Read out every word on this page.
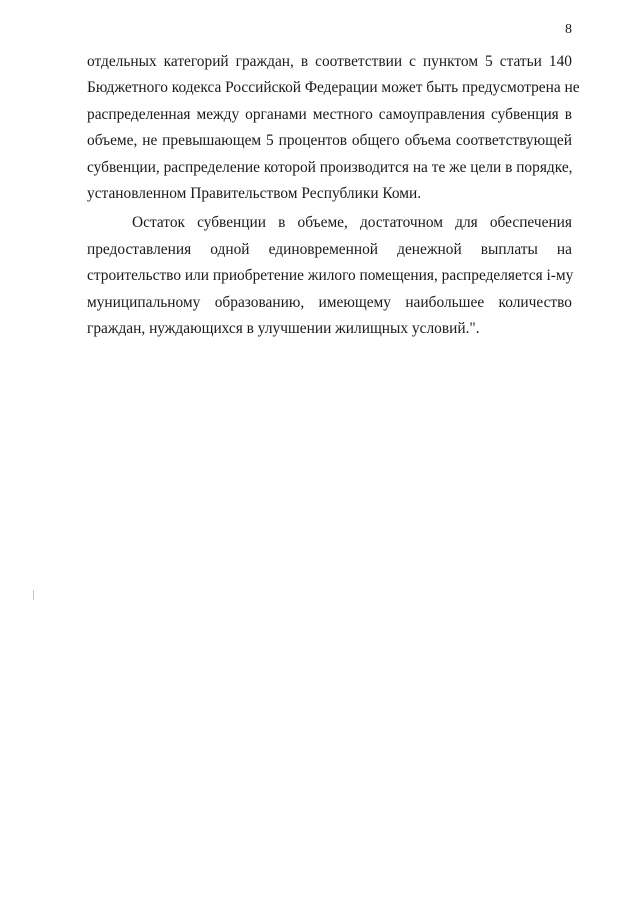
8
отдельных категорий граждан, в соответствии с пунктом 5 статьи 140
Бюджетного кодекса Российской Федерации может быть предусмотрена не
распределенная между органами местного самоуправления субвенция в
объеме, не превышающем 5 процентов общего объема соответствующей
субвенции, распределение которой производится на те же цели в порядке,
установленном Правительством Республики Коми.
Остаток субвенции в объеме, достаточном для обеспечения
предоставления одной единовременной денежной выплаты на
строительство или приобретение жилого помещения, распределяется i-му
муниципальному образованию, имеющему наибольшее количество
граждан, нуждающихся в улучшении жилищных условий.".
